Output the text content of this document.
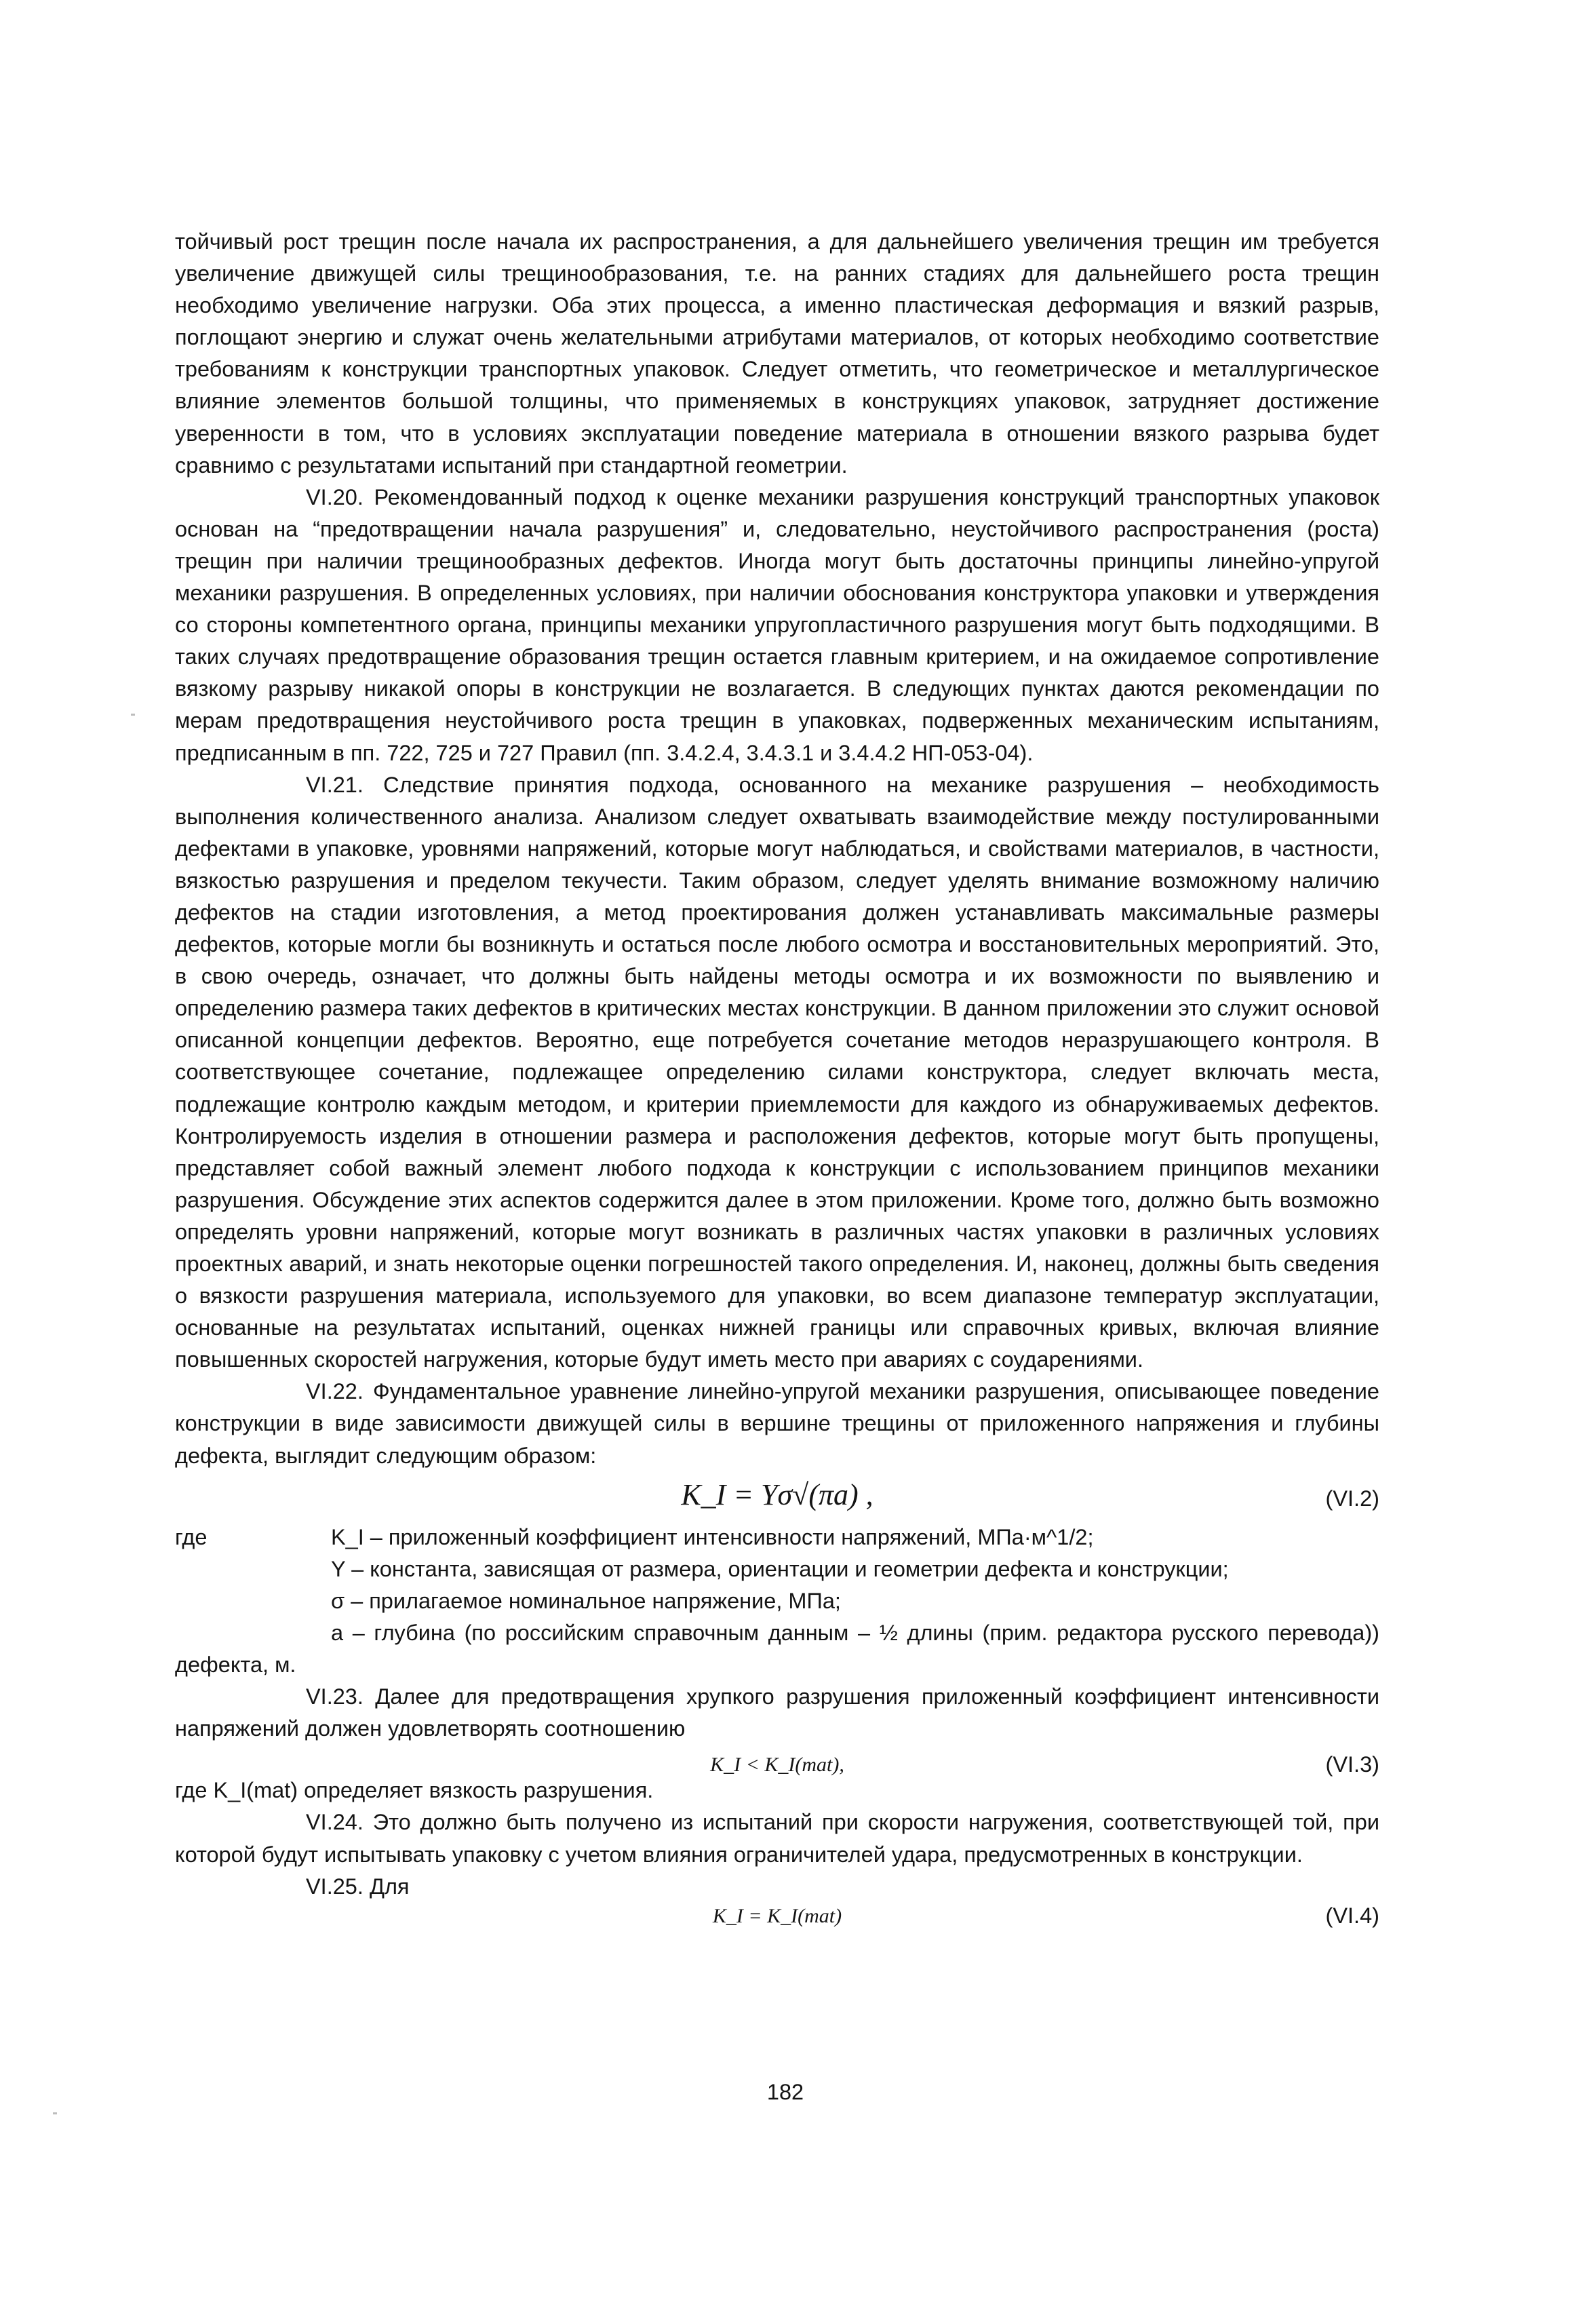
тойчивый рост трещин после начала их распространения, а для дальнейшего увеличения трещин им требуется увеличение движущей силы трещинообразования, т.е. на ранних стадиях для дальнейшего роста трещин необходимо увеличение нагрузки. Оба этих процесса, а именно пластическая деформация и вязкий разрыв, поглощают энергию и служат очень желательными атрибутами материалов, от которых необходимо соответствие требованиям к конструкции транспортных упаковок. Следует отметить, что геометрическое и металлургическое влияние элементов большой толщины, что применяемых в конструкциях упаковок, затрудняет достижение уверенности в том, что в условиях эксплуатации поведение материала в отношении вязкого разрыва будет сравнимо с результатами испытаний при стандартной геометрии.

VI.20. Рекомендованный подход к оценке механики разрушения конструкций транспортных упаковок основан на “предотвращении начала разрушения” и, следовательно, неустойчивого распространения (роста) трещин при наличии трещинообразных дефектов. Иногда могут быть достаточны принципы линейно-упругой механики разрушения. В определенных условиях, при наличии обоснования конструктора упаковки и утверждения со стороны компетентного органа, принципы механики упругопластичного разрушения могут быть подходящими. В таких случаях предотвращение образования трещин остается главным критерием, и на ожидаемое сопротивление вязкому разрыву никакой опоры в конструкции не возлагается. В следующих пунктах даются рекомендации по мерам предотвращения неустойчивого роста трещин в упаковках, подверженных механическим испытаниям, предписанным в пп. 722, 725 и 727 Правил (пп. 3.4.2.4, 3.4.3.1 и 3.4.4.2 НП-053-04).

VI.21. Следствие принятия подхода, основанного на механике разрушения – необходимость выполнения количественного анализа. Анализом следует охватывать взаимодействие между постулированными дефектами в упаковке, уровнями напряжений, которые могут наблюдаться, и свойствами материалов, в частности, вязкостью разрушения и пределом текучести. Таким образом, следует уделять внимание возможному наличию дефектов на стадии изготовления, а метод проектирования должен устанавливать максимальные размеры дефектов, которые могли бы возникнуть и остаться после любого осмотра и восстановительных мероприятий. Это, в свою очередь, означает, что должны быть найдены методы осмотра и их возможности по выявлению и определению размера таких дефектов в критических местах конструкции. В данном приложении это служит основой описанной концепции дефектов. Вероятно, еще потребуется сочетание методов неразрушающего контроля. В соответствующее сочетание, подлежащее определению силами конструктора, следует включать места, подлежащие контролю каждым методом, и критерии приемлемости для каждого из обнаруживаемых дефектов. Контролируемость изделия в отношении размера и расположения дефектов, которые могут быть пропущены, представляет собой важный элемент любого подхода к конструкции с использованием принципов механики разрушения. Обсуждение этих аспектов содержится далее в этом приложении. Кроме того, должно быть возможно определять уровни напряжений, которые могут возникать в различных частях упаковки в различных условиях проектных аварий, и знать некоторые оценки погрешностей такого определения. И, наконец, должны быть сведения о вязкости разрушения материала, используемого для упаковки, во всем диапазоне температур эксплуатации, основанные на результатах испытаний, оценках нижней границы или справочных кривых, включая влияние повышенных скоростей нагружения, которые будут иметь место при авариях с соударениями.

VI.22. Фундаментальное уравнение линейно-упругой механики разрушения, описывающее поведение конструкции в виде зависимости движущей силы в вершине трещины от приложенного напряжения и глубины дефекта, выглядит следующим образом:

K_I = Yσ√(πa) ,	(VI.2)
где	K_I – приложенный коэффициент интенсивности напряжений, МПа·м^1/2;

Y – константа, зависящая от размера, ориентации и геометрии дефекта и конструкции;

σ – прилагаемое номинальное напряжение, МПа;

a – глубина (по российским справочным данным – ½ длины (прим. редактора русского перевода)) дефекта, м.

VI.23. Далее для предотвращения хрупкого разрушения приложенный коэффициент интенсивности напряжений должен удовлетворять соотношению

K_I < K_I(mat),	(VI.3)

где K_I(mat) определяет вязкость разрушения.

VI.24. Это должно быть получено из испытаний при скорости нагружения, соответствующей той, при которой будут испытывать упаковку с учетом влияния ограничителей удара, предусмотренных в конструкции.

VI.25. Для

K_I = K_I(mat)	(VI.4)
182
